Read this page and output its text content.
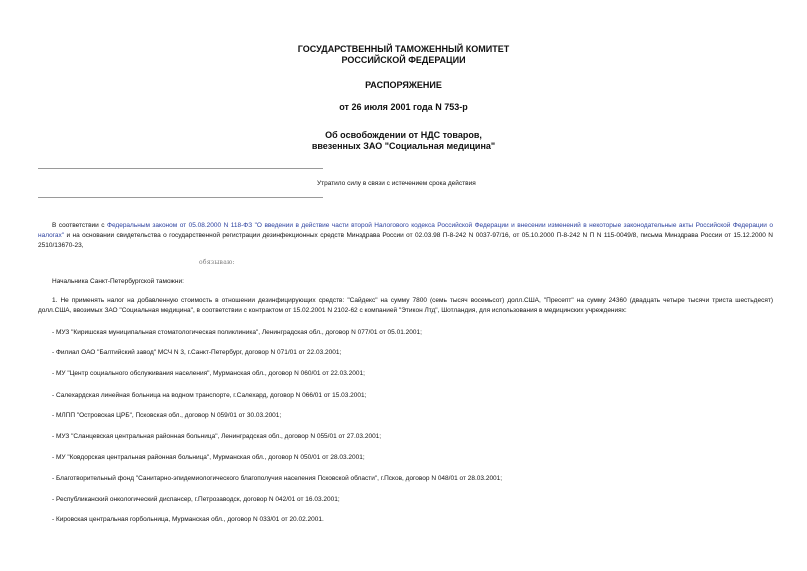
ГОСУДАРСТВЕННЫЙ ТАМОЖЕННЫЙ КОМИТЕТ
РОССИЙСКОЙ ФЕДЕРАЦИИ
РАСПОРЯЖЕНИЕ
от 26 июля 2001 года N 753-р
Об освобождении от НДС товаров,
ввезенных ЗАО "Социальная медицина"
Утратило силу в связи с истечением срока действия
В соответствии с Федеральным законом от 05.08.2000 N 118-ФЗ "О введении в действие части второй Налогового кодекса Российской Федерации и внесении изменений в некоторые законодательные акты Российской Федерации о налогах" и на основании свидетельства о государственной регистрации дезинфекционных средств Минздрава России от 02.03.98 П-8-242 N 0037-97/16, от 05.10.2000 П-8-242 N П N 115-0049/8, письма Минздрава России от 15.12.2000 N 2510/13670-23,
обязываю:
Начальника Санкт-Петербургской таможни:
1. Не применять налог на добавленную стоимость в отношении дезинфицирующих средств: "Сайдекс" на сумму 7800 (семь тысяч восемьсот) долл.США, "Пресепт" на сумму 24360 (двадцать четыре тысячи триста шестьдесят) долл.США, ввозимых ЗАО "Социальная медицина", в соответствии с контрактом от 15.02.2001 N 2102-62 с компанией "Этикон Лтд", Шотландия, для использования в медицинских учреждениях:
- МУЗ "Киришская муниципальная стоматологическая поликлиника", Ленинградская обл., договор N 077/01 от 05.01.2001;
- Филиал ОАО "Балтийский завод" МСЧ N 3, г.Санкт-Петербург, договор N 071/01 от 22.03.2001;
- МУ "Центр социального обслуживания населения", Мурманская обл., договор N 060/01 от 22.03.2001;
- Салехардская линейная больница на водном транспорте, г.Салехард, договор N 066/01 от 15.03.2001;
- МЛПП "Островская ЦРБ", Псковская обл., договор N 059/01 от 30.03.2001;
- МУЗ "Сланцевская центральная районная больница", Ленинградская обл., договор N 055/01 от 27.03.2001;
- МУ "Ковдорская центральная районная больница", Мурманская обл., договор N 050/01 от 28.03.2001;
- Благотворительный фонд "Санитарно-эпидемиологического благополучия населения Псковской области", г.Псков, договор N 048/01 от 28.03.2001;
- Республиканский онкологический диспансер, г.Петрозаводск, договор N 042/01 от 16.03.2001;
- Кировская центральная горбольница, Мурманская обл., договор N 033/01 от 20.02.2001.
